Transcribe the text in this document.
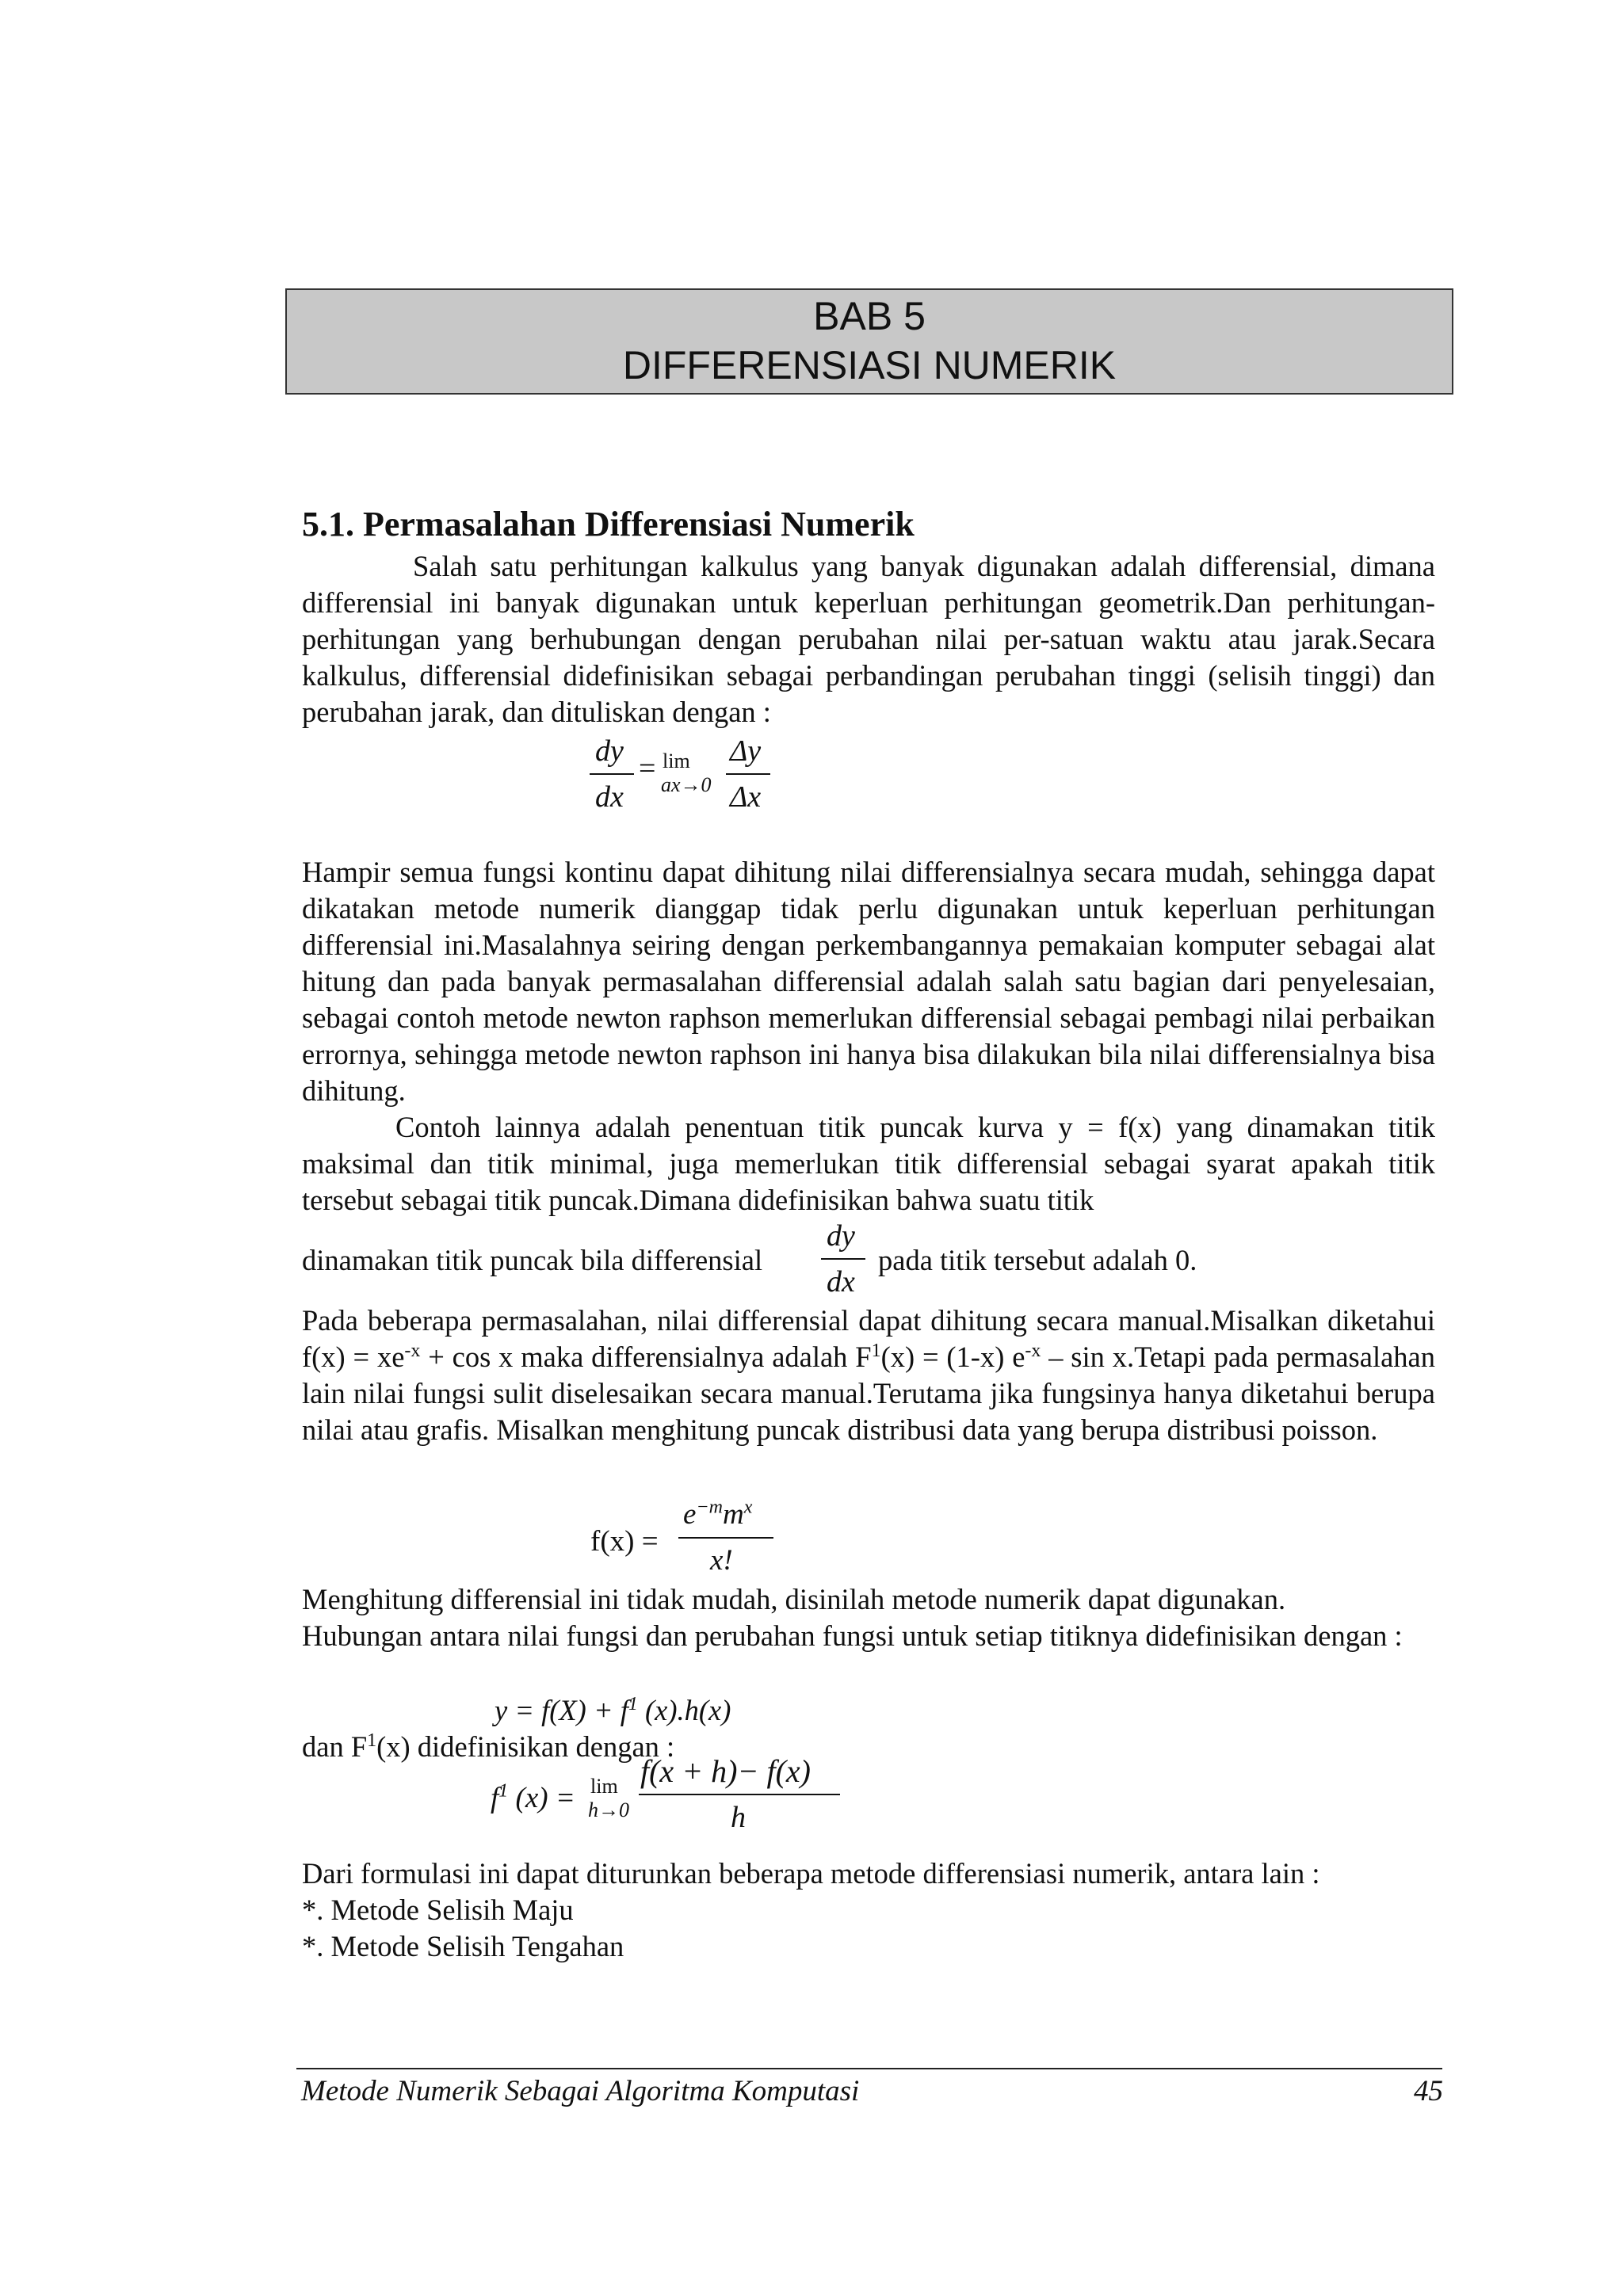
BAB 5
DIFFERENSIASI NUMERIK
5.1. Permasalahan Differensiasi Numerik
Salah satu perhitungan kalkulus yang banyak digunakan adalah differensial, dimana differensial ini banyak digunakan untuk keperluan perhitungan geometrik.Dan perhitungan-perhitungan yang berhubungan dengan perubahan nilai per-satuan waktu atau jarak.Secara kalkulus, differensial didefinisikan sebagai perbandingan perubahan tinggi (selisih tinggi) dan perubahan jarak, dan dituliskan dengan :
dy
dx
= lim
ax→0
Δy
Δx
Hampir semua fungsi kontinu dapat dihitung nilai differensialnya secara mudah, sehingga dapat dikatakan metode numerik dianggap tidak perlu digunakan untuk keperluan perhitungan differensial ini.Masalahnya seiring dengan perkembangannya pemakaian komputer sebagai alat hitung dan pada banyak permasalahan differensial adalah salah satu bagian dari penyelesaian, sebagai contoh metode newton raphson memerlukan differensial sebagai pembagi nilai perbaikan errornya, sehingga metode newton raphson ini hanya bisa dilakukan bila nilai differensialnya bisa dihitung.
Contoh lainnya adalah penentuan titik puncak kurva y = f(x) yang dinamakan titik maksimal dan titik minimal, juga memerlukan titik differensial sebagai syarat apakah titik tersebut sebagai titik puncak.Dimana didefinisikan bahwa suatu titik
dinamakan titik puncak bila differensial
dy
dx
pada titik tersebut adalah 0.
Pada beberapa permasalahan, nilai differensial dapat dihitung secara manual.Misalkan diketahui $f(x) = xe^{-x} + \cos x$ maka differensialnya adalah $F^1(x) = (1-x)$ $e^{-x}$ – sin x.Tetapi pada permasalahan lain nilai fungsi sulit diselesaikan secara manual.Terutama jika fungsinya hanya diketahui berupa nilai atau grafis. Misalkan menghitung puncak distribusi data yang berupa distribusi poisson.
f(x) =
$e^{-m}m^x$
x!
Menghitung differensial ini tidak mudah, disinilah metode numerik dapat digunakan.
Hubungan antara nilai fungsi dan perubahan fungsi untuk setiap titiknya didefinisikan dengan :
$y = f(X) + f^1$ (x).h(x)
dan $F^1(x)$ didefinisikan dengan :
$f^1$ (x) = lim
h→0
f(x + h)− f(x)
h
Dari formulasi ini dapat diturunkan beberapa metode differensiasi numerik, antara lain :
*. Metode Selisih Maju
*. Metode Selisih Tengahan
Metode Numerik Sebagai Algoritma Komputasi	45
